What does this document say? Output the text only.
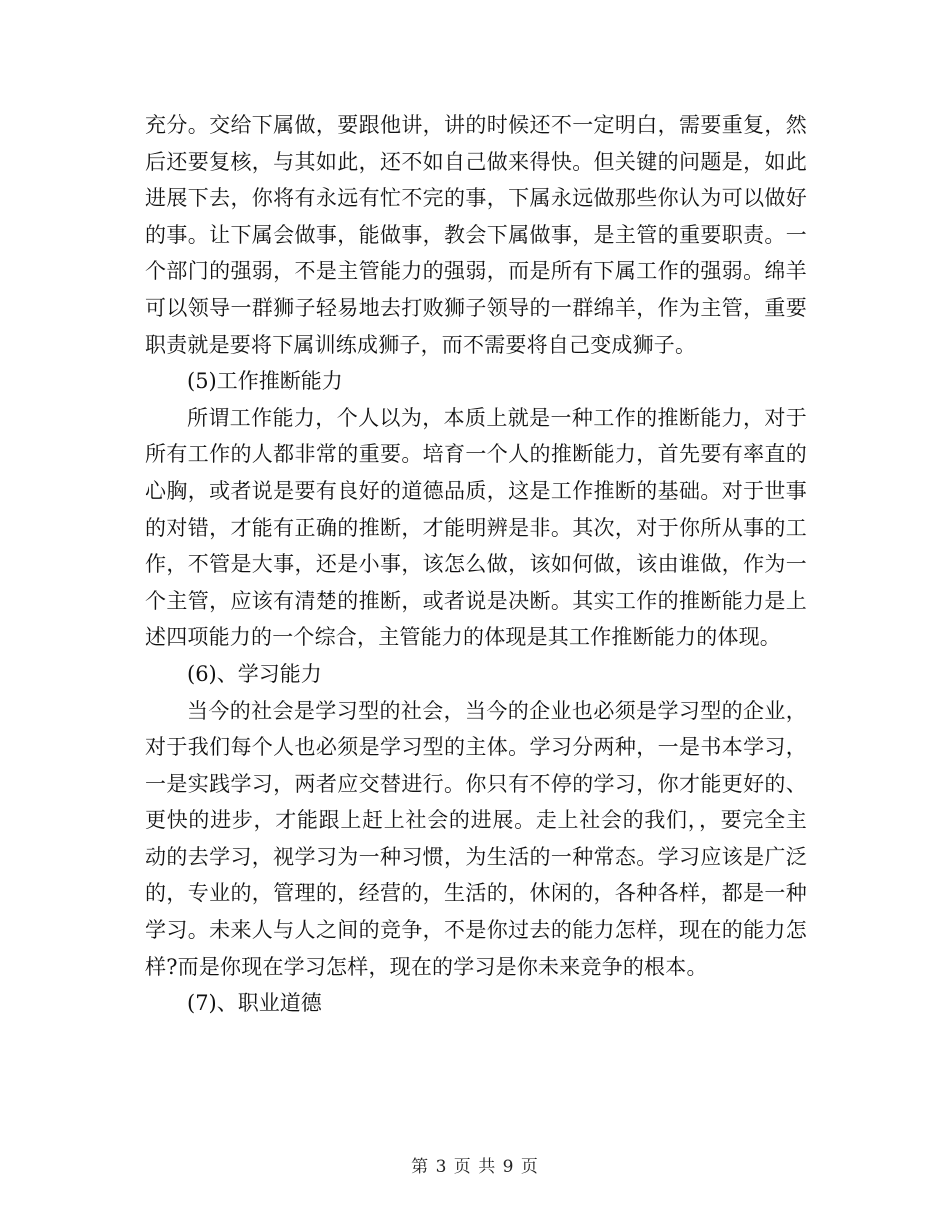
充分。交给下属做，要跟他讲，讲的时候还不一定明白，需要重复，然后还要复核，与其如此，还不如自己做来得快。但关键的问题是，如此进展下去，你将有永远有忙不完的事，下属永远做那些你认为可以做好的事。让下属会做事，能做事，教会下属做事，是主管的重要职责。一个部门的强弱，不是主管能力的强弱，而是所有下属工作的强弱。绵羊可以领导一群狮子轻易地去打败狮子领导的一群绵羊，作为主管，重要职责就是要将下属训练成狮子，而不需要将自己变成狮子。

(5)工作推断能力

所谓工作能力，个人以为，本质上就是一种工作的推断能力，对于所有工作的人都非常的重要。培育一个人的推断能力，首先要有率直的心胸，或者说是要有良好的道德品质，这是工作推断的基础。对于世事的对错，才能有正确的推断，才能明辨是非。其次，对于你所从事的工作，不管是大事，还是小事，该怎么做，该如何做，该由谁做，作为一个主管，应该有清楚的推断，或者说是决断。其实工作的推断能力是上述四项能力的一个综合，主管能力的体现是其工作推断能力的体现。

(6)、学习能力

当今的社会是学习型的社会，当今的企业也必须是学习型的企业，对于我们每个人也必须是学习型的主体。学习分两种，一是书本学习，一是实践学习，两者应交替进行。你只有不停的学习，你才能更好的、更快的进步，才能跟上赶上社会的进展。走上社会的我们，，要完全主动的去学习，视学习为一种习惯，为生活的一种常态。学习应该是广泛的，专业的，管理的，经营的，生活的，休闲的，各种各样，都是一种学习。未来人与人之间的竞争，不是你过去的能力怎样，现在的能力怎样?而是你现在学习怎样，现在的学习是你未来竞争的根本。

(7)、职业道德

第 3 页 共 9 页
